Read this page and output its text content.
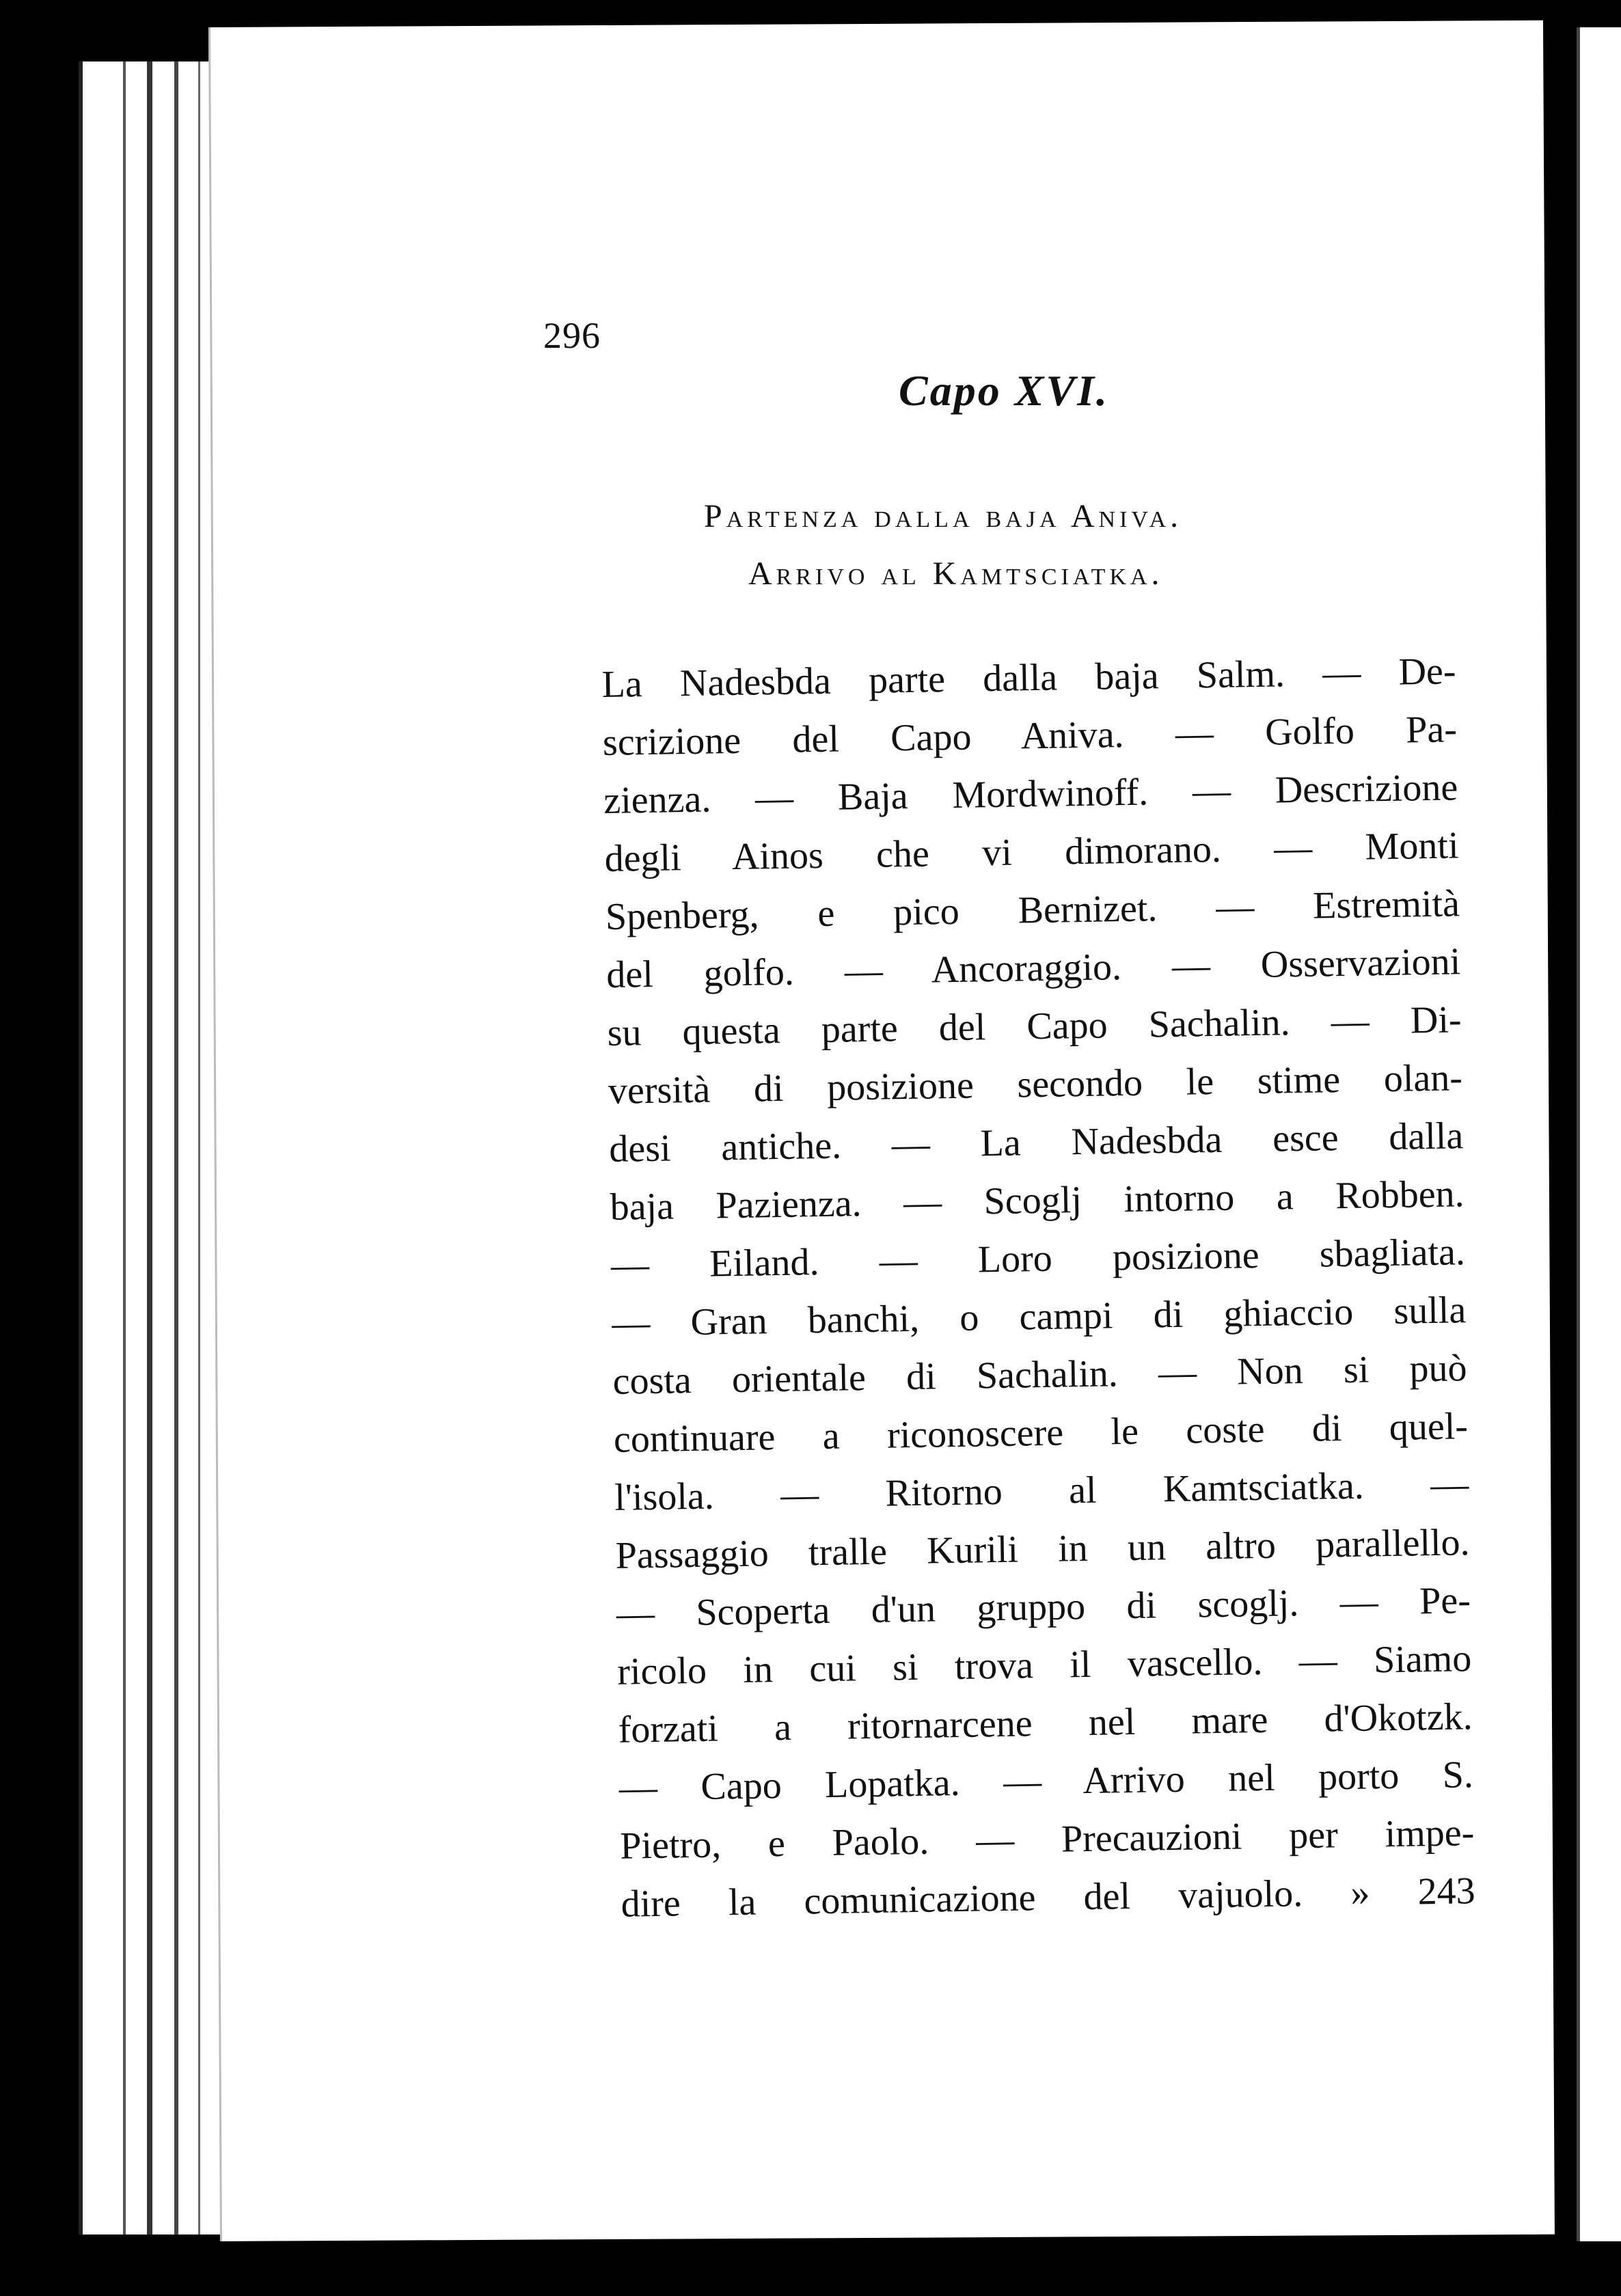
296
Capo XVI.
Partenza dalla baja Aniva.
Arrivo al Kamtsciatka.
La Nadesbda parte dalla baja Salm. — De-
scrizione del Capo Aniva. — Golfo Pa-
zienza. — Baja Mordwinoff. — Descrizione
degli Ainos che vi dimorano. — Monti
Spenberg, e pico Bernizet. — Estremità
del golfo. — Ancoraggio. — Osservazioni
su questa parte del Capo Sachalin. — Di-
versità di posizione secondo le stime olan-
desi antiche. — La Nadesbda esce dalla
baja Pazienza. — Scoglj intorno a Robben.
— Eiland. — Loro posizione sbagliata.
— Gran banchi, o campi di ghiaccio sulla
costa orientale di Sachalin. — Non si può
continuare a riconoscere le coste di quel-
l'isola. — Ritorno al Kamtsciatka. —
Passaggio tralle Kurili in un altro parallello.
— Scoperta d'un gruppo di scoglj. — Pe-
ricolo in cui si trova il vascello. — Siamo
forzati a ritornarcene nel mare d'Okotzk.
— Capo Lopatka. — Arrivo nel porto S.
Pietro, e Paolo. — Precauzioni per impe-
dire la comunicazione del vajuolo. » 243
